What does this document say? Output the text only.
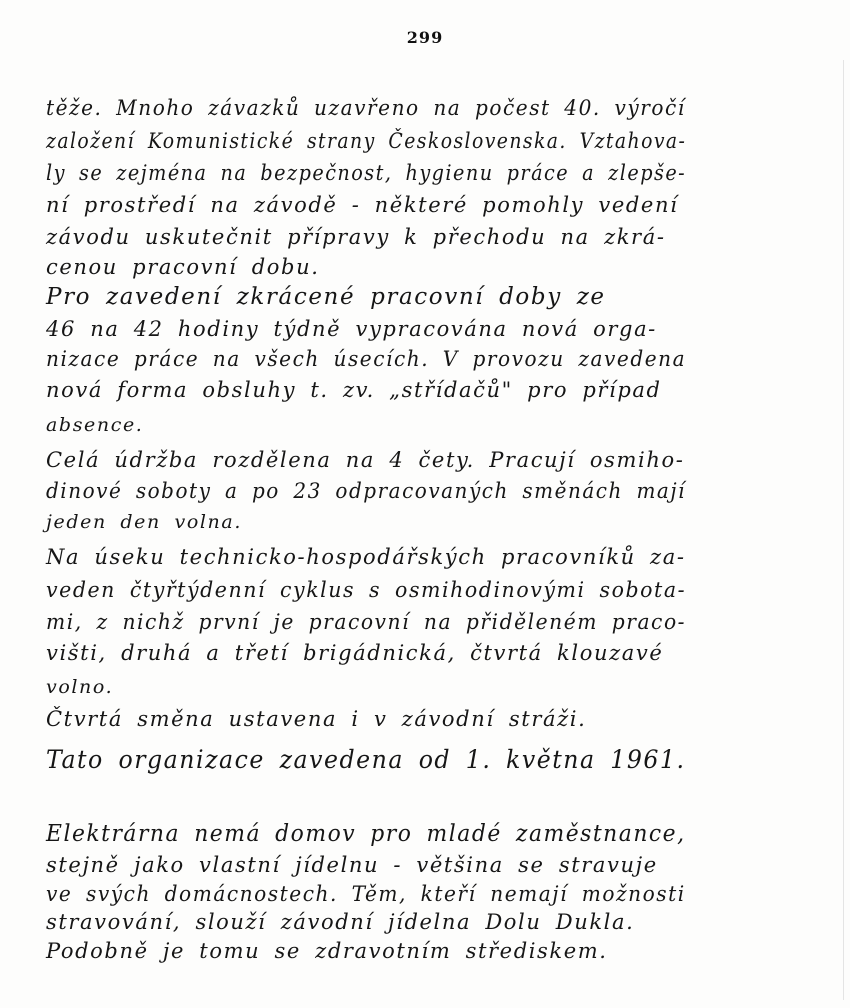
299
těže. Mnoho závazků uzavřeno na počest 40. výročí
založení Komunistické strany Československa. Vztahova-
ly se zejména na bezpečnost, hygienu práce a zlepše-
ní prostředí na závodě - některé pomohly vedení
závodu uskutečnit přípravy k přechodu na zkrá-
cenou pracovní dobu.
Pro zavedení zkrácené pracovní doby ze
46 na 42 hodiny týdně vypracována nová orga-
nizace práce na všech úsecích. V provozu zavedena
nová forma obsluhy t. zv. „střídačů" pro případ
absence.
Celá údržba rozdělena na 4 čety. Pracují osmiho-
dinové soboty a po 23 odpracovaných směnách mají
jeden den volna.
Na úseku technicko-hospodářských pracovníků za-
veden čtyřtýdenní cyklus s osmihodinovými sobota-
mi, z nichž první je pracovní na přiděleném praco-
višti, druhá a třetí brigádnická, čtvrtá klouzavé
volno.
Čtvrtá směna ustavena i v závodní stráži.
Tato organizace zavedena od 1. května 1961.
Elektrárna nemá domov pro mladé zaměstnance,
stejně jako vlastní jídelnu - většina se stravuje
ve svých domácnostech. Těm, kteří nemají možnosti
stravování, slouží závodní jídelna Dolu Dukla.
Podobně je tomu se zdravotním střediskem.
